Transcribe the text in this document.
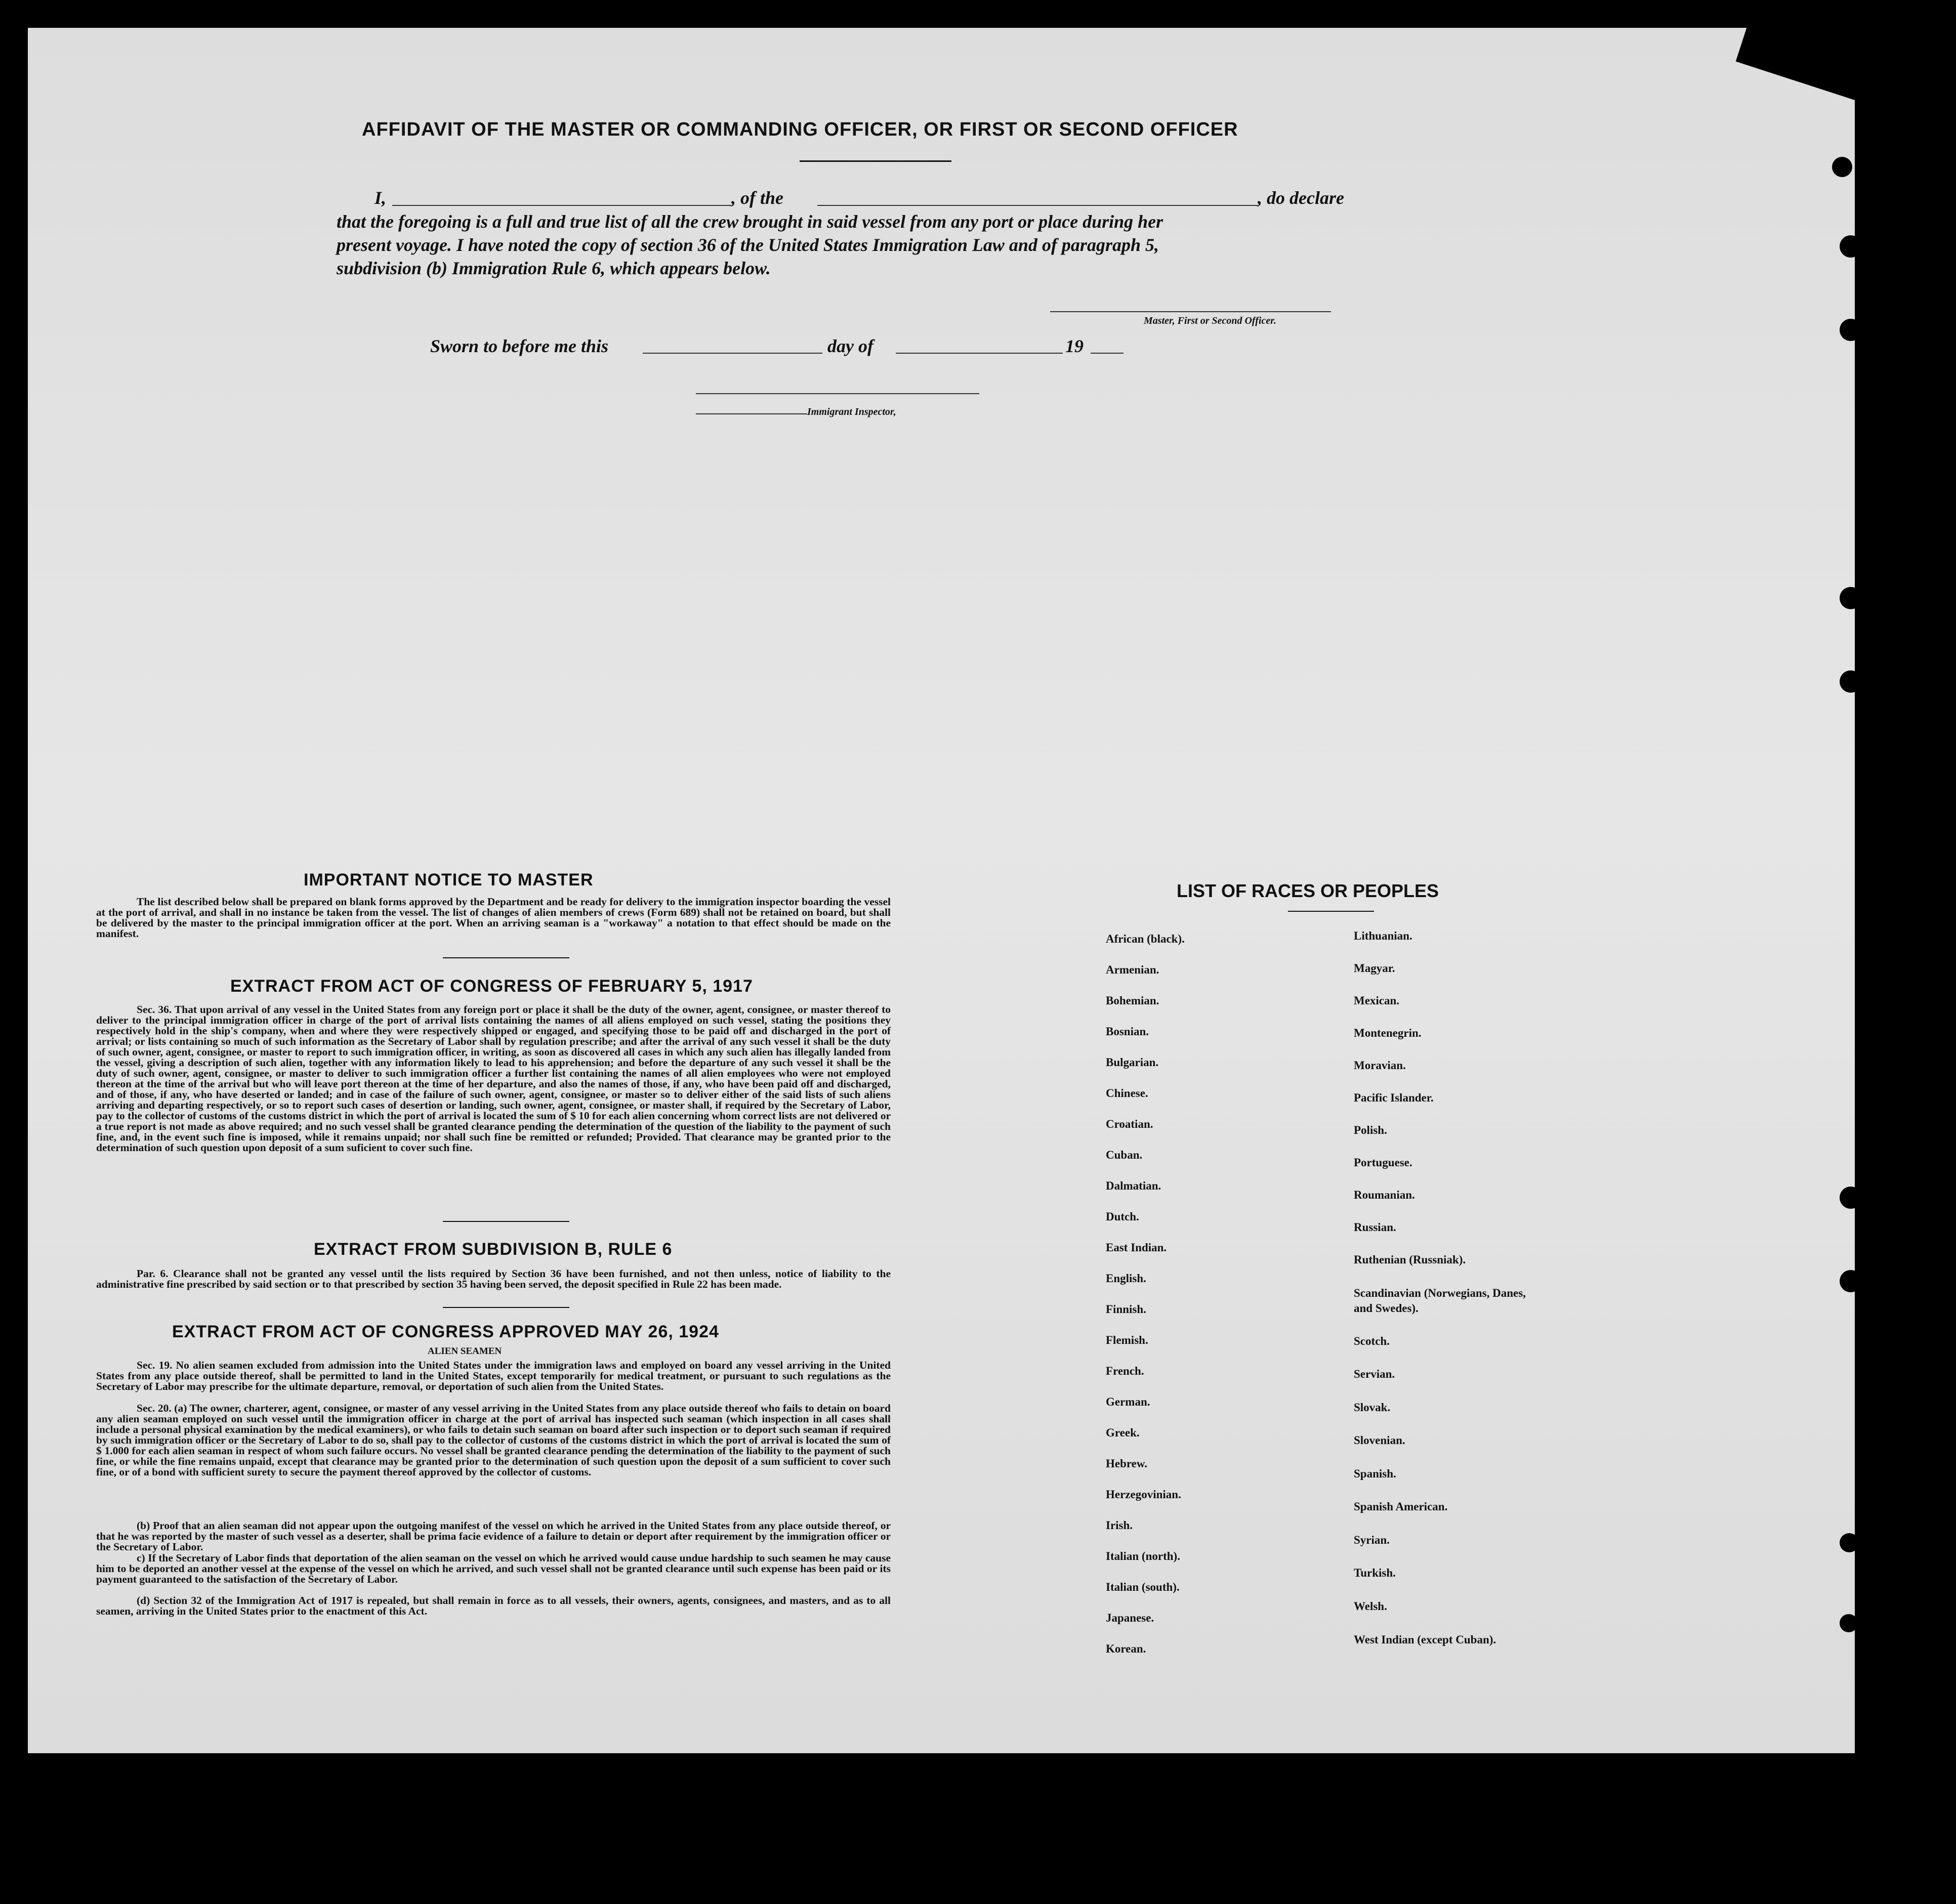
AFFIDAVIT OF THE MASTER OR COMMANDING OFFICER, OR FIRST OR SECOND OFFICER
I,	, of the	, do declare
that the foregoing is a full and true list of all the crew brought in said vessel from any port or place during her
present voyage. I have noted the copy of section 36 of the United States Immigration Law and of paragraph 5,
subdivision (b) Immigration Rule 6, which appears below.
Master, First or Second Officer.
Sworn to before me this	day of	19
Immigrant Inspector,
IMPORTANT NOTICE TO MASTER
The list described below shall be prepared on blank forms approved by the Department and be ready for delivery to the immigration inspector boarding the vessel at the port of arrival, and shall in no instance be taken from the vessel. The list of changes of alien members of crews (Form 689) shall not be retained on board, but shall be delivered by the master to the principal immigration officer at the port. When an arriving seaman is a "workaway" a notation to that effect should be made on the manifest.
EXTRACT FROM ACT OF CONGRESS OF FEBRUARY 5, 1917
Sec. 36. That upon arrival of any vessel in the United States from any foreign port or place it shall be the duty of the owner, agent, consignee, or master thereof to deliver to the principal immigration officer in charge of the port of arrival lists containing the names of all aliens employed on such vessel, stating the positions they respectively hold in the ship's company, when and where they were respectively shipped or engaged, and specifying those to be paid off and discharged in the port of arrival; or lists containing so much of such information as the Secretary of Labor shall by regulation prescribe; and after the arrival of any such vessel it shall be the duty of such owner, agent, consignee, or master to report to such immigration officer, in writing, as soon as discovered all cases in which any such alien has illegally landed from the vessel, giving a description of such alien, together with any information likely to lead to his apprehension; and before the departure of any such vessel it shall be the duty of such owner, agent, consignee, or master to deliver to such immigration officer a further list containing the names of all alien employees who were not employed thereon at the time of the arrival but who will leave port thereon at the time of her departure, and also the names of those, if any, who have been paid off and discharged, and of those, if any, who have deserted or landed; and in case of the failure of such owner, agent, consignee, or master so to deliver either of the said lists of such aliens arriving and departing respectively, or so to report such cases of desertion or landing, such owner, agent, consignee, or master shall, if required by the Secretary of Labor, pay to the collector of customs of the customs district in which the port of arrival is located the sum of $ 10 for each alien concerning whom correct lists are not delivered or a true report is not made as above required; and no such vessel shall be granted clearance pending the determination of the question of the liability to the payment of such fine, and, in the event such fine is imposed, while it remains unpaid; nor shall such fine be remitted or refunded; Provided. That clearance may be granted prior to the determination of such question upon deposit of a sum suficient to cover such fine.
EXTRACT FROM SUBDIVISION B, RULE 6
Par. 6. Clearance shall not be granted any vessel until the lists required by Section 36 have been furnished, and not then unless, notice of liability to the administrative fine prescribed by said section or to that prescribed by section 35 having been served, the deposit specified in Rule 22 has been made.
EXTRACT FROM ACT OF CONGRESS APPROVED MAY 26, 1924
ALIEN SEAMEN
Sec. 19. No alien seamen excluded from admission into the United States under the immigration laws and employed on board any vessel arriving in the United States from any place outside thereof, shall be permitted to land in the United States, except temporarily for medical treatment, or pursuant to such regulations as the Secretary of Labor may prescribe for the ultimate departure, removal, or deportation of such alien from the United States.
Sec. 20. (a) The owner, charterer, agent, consignee, or master of any vessel arriving in the United States from any place outside thereof who fails to detain on board any alien seaman employed on such vessel until the immigration officer in charge at the port of arrival has inspected such seaman (which inspection in all cases shall include a personal physical examination by the medical examiners), or who fails to detain such seaman on board after such inspection or to deport such seaman if required by such immigration officer or the Secretary of Labor to do so, shall pay to the collector of customs of the customs district in which the port of arrival is located the sum of $ 1.000 for each alien seaman in respect of whom such failure occurs. No vessel shall be granted clearance pending the determination of the liability to the payment of such fine, or while the fine remains unpaid, except that clearance may be granted prior to the determination of such question upon the deposit of a sum sufficient to cover such fine, or of a bond with sufficient surety to secure the payment thereof approved by the collector of customs.
(b) Proof that an alien seaman did not appear upon the outgoing manifest of the vessel on which he arrived in the United States from any place outside thereof, or that he was reported by the master of such vessel as a deserter, shall be prima facie evidence of a failure to detain or deport after requirement by the immigration officer or the Secretary of Labor.
c) If the Secretary of Labor finds that deportation of the alien seaman on the vessel on which he arrived would cause undue hardship to such seamen he may cause him to be deported an another vessel at the expense of the vessel on which he arrived, and such vessel shall not be granted clearance until such expense has been paid or its payment guaranteed to the satisfaction of the Secretary of Labor.
(d) Section 32 of the Immigration Act of 1917 is repealed, but shall remain in force as to all vessels, their owners, agents, consignees, and masters, and as to all seamen, arriving in the United States prior to the enactment of this Act.
LIST OF RACES OR PEOPLES
African (black).
Armenian.
Bohemian.
Bosnian.
Bulgarian.
Chinese.
Croatian.
Cuban.
Dalmatian.
Dutch.
East Indian.
English.
Finnish.
Flemish.
French.
German.
Greek.
Hebrew.
Herzegovinian.
Irish.
Italian (north).
Italian (south).
Japanese.
Korean.
Lithuanian.
Magyar.
Mexican.
Montenegrin.
Moravian.
Pacific Islander.
Polish.
Portuguese.
Roumanian.
Russian.
Ruthenian (Russniak).
Scandinavian (Norwegians, Danes, and Swedes).
Scotch.
Servian.
Slovak.
Slovenian.
Spanish.
Spanish American.
Syrian.
Turkish.
Welsh.
West Indian (except Cuban).
